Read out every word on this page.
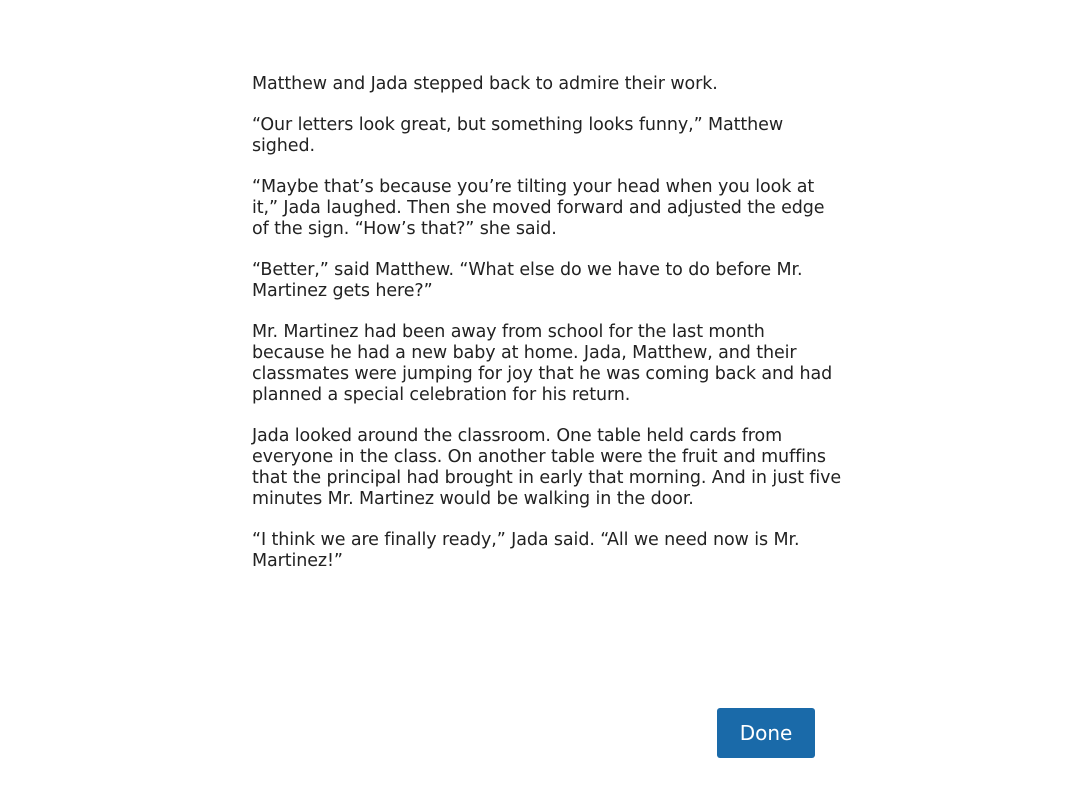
Matthew and Jada stepped back to admire their work.

“Our letters look great, but something looks funny,” Matthew sighed.

“Maybe that’s because you’re tilting your head when you look at it,” Jada laughed. Then she moved forward and adjusted the edge of the sign. “How’s that?” she said.

“Better,” said Matthew. “What else do we have to do before Mr. Martinez gets here?”

Mr. Martinez had been away from school for the last month because he had a new baby at home. Jada, Matthew, and their classmates were jumping for joy that he was coming back and had planned a special celebration for his return.

Jada looked around the classroom. One table held cards from everyone in the class. On another table were the fruit and muffins that the principal had brought in early that morning. And in just five minutes Mr. Martinez would be walking in the door.

“I think we are finally ready,” Jada said. “All we need now is Mr. Martinez!”

Done
